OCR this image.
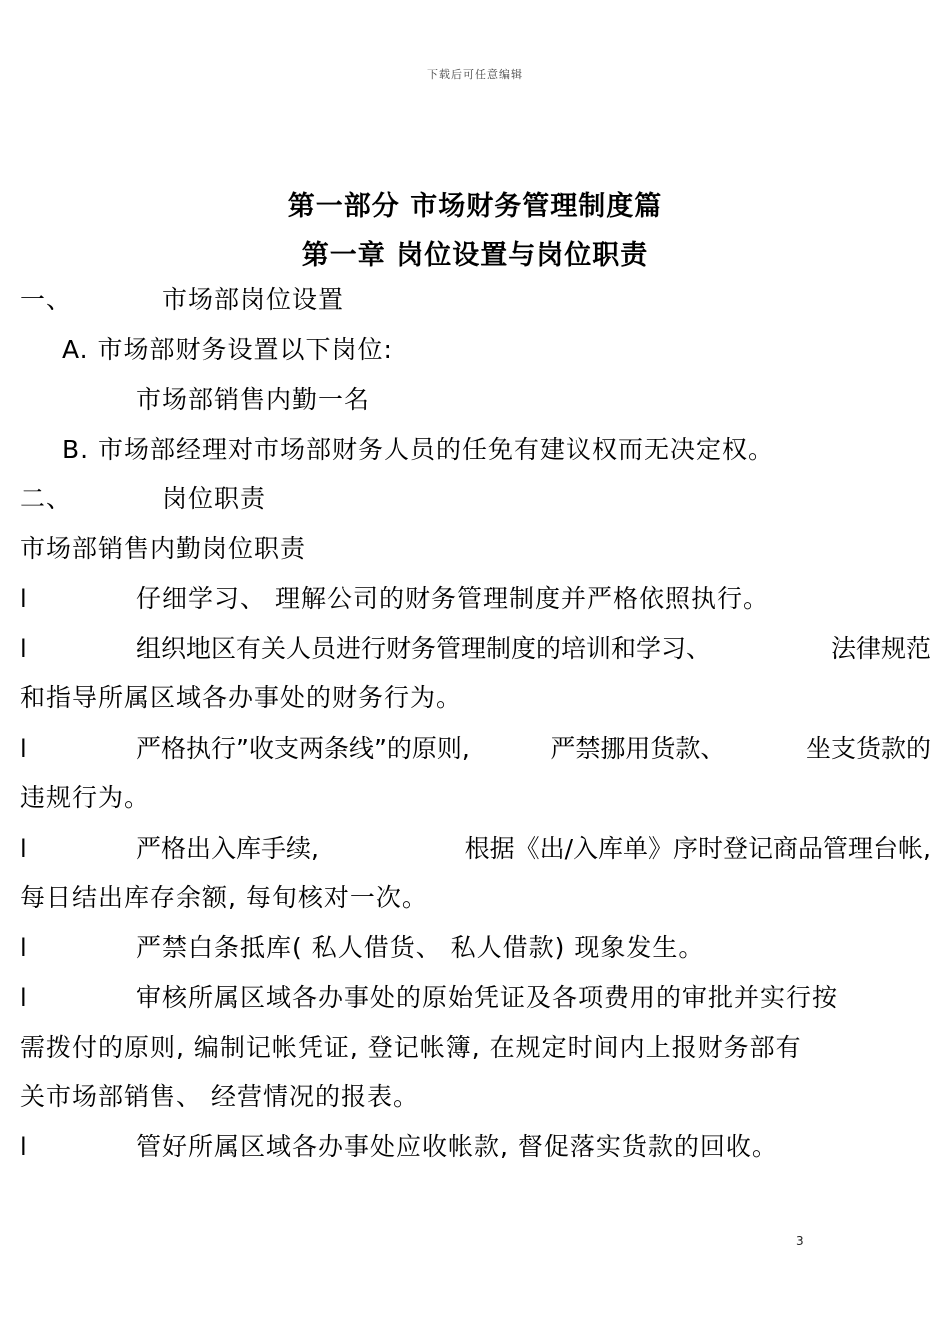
下载后可任意编辑
第一部分 市场财务管理制度篇
第一章 岗位设置与岗位职责
一、	市场部岗位设置
A. 市场部财务设置以下岗位:
市场部销售内勤一名
B. 市场部经理对市场部财务人员的任免有建议权而无决定权。
二、	岗位职责
市场部销售内勤岗位职责
l	仔细学习、 理解公司的财务管理制度并严格依照执行。
l	组织地区有关人员进行财务管理制度的培训和学习、	法律规范
和指导所属区域各办事处的财务行为。
l	严格执行”收支两条线”的原则,	严禁挪用货款、	坐支货款的
违规行为。
l	严格出入库手续,	根据《出/入库单》序时登记商品管理台帐,
每日结出库存余额, 每旬核对一次。
l	严禁白条抵库( 私人借货、 私人借款) 现象发生。
l	审核所属区域各办事处的原始凭证及各项费用的审批并实行按
需拨付的原则, 编制记帐凭证, 登记帐簿, 在规定时间内上报财务部有
关市场部销售、 经营情况的报表。
l	管好所属区域各办事处应收帐款, 督促落实货款的回收。
3
